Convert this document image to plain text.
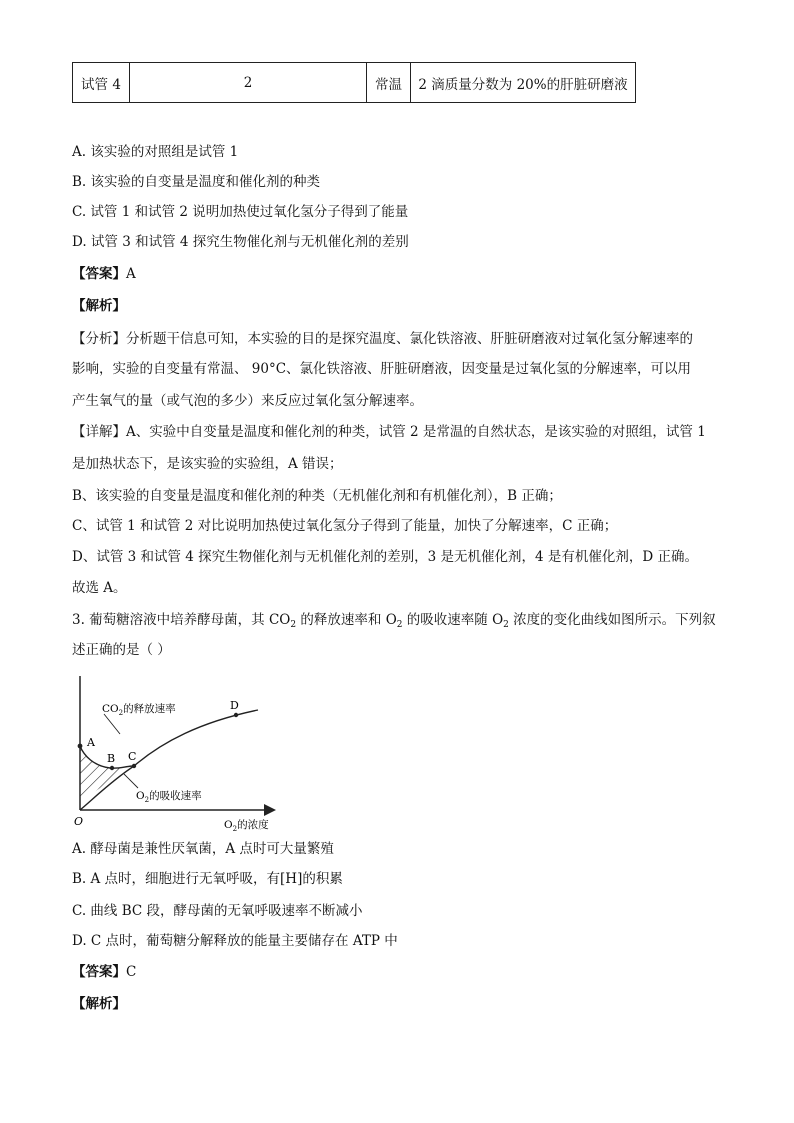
试管 4	2	常温	2 滴质量分数为 20%的肝脏研磨液
A. 该实验的对照组是试管 1
B. 该实验的自变量是温度和催化剂的种类
C. 试管 1 和试管 2 说明加热使过氧化氢分子得到了能量
D. 试管 3 和试管 4 探究生物催化剂与无机催化剂的差别
【答案】A
【解析】
【分析】分析题干信息可知，本实验的目的是探究温度、氯化铁溶液、肝脏研磨液对过氧化氢分解速率的
影响，实验的自变量有常温、 90°C、氯化铁溶液、肝脏研磨液，因变量是过氧化氢的分解速率，可以用
产生氧气的量（或气泡的多少）来反应过氧化氢分解速率。
【详解】A、实验中自变量是温度和催化剂的种类，试管 2 是常温的自然状态，是该实验的对照组，试管 1
是加热状态下，是该实验的实验组，A 错误；
B、该实验的自变量是温度和催化剂的种类（无机催化剂和有机催化剂），B 正确；
C、试管 1 和试管 2 对比说明加热使过氧化氢分子得到了能量，加快了分解速率，C 正确；
D、试管 3 和试管 4 探究生物催化剂与无机催化剂的差别，3 是无机催化剂，4 是有机催化剂，D 正确。
故选 A。
3. 葡萄糖溶液中培养酵母菌，其 $CO_2$ 的释放速率和 $O_2$ 的吸收速率随 $O_2$ 浓度的变化曲线如图所示。下列叙
述正确的是（ ）
$CO_2$的释放速率
$O_2$的吸收速率
A
B C
D
O	$O_2$的浓度
A. 酵母菌是兼性厌氧菌，A 点时可大量繁殖
B. A 点时，细胞进行无氧呼吸，有[H]的积累
C. 曲线 BC 段，酵母菌的无氧呼吸速率不断减小
D. C 点时，葡萄糖分解释放的能量主要储存在 ATP 中
【答案】C
【解析】
